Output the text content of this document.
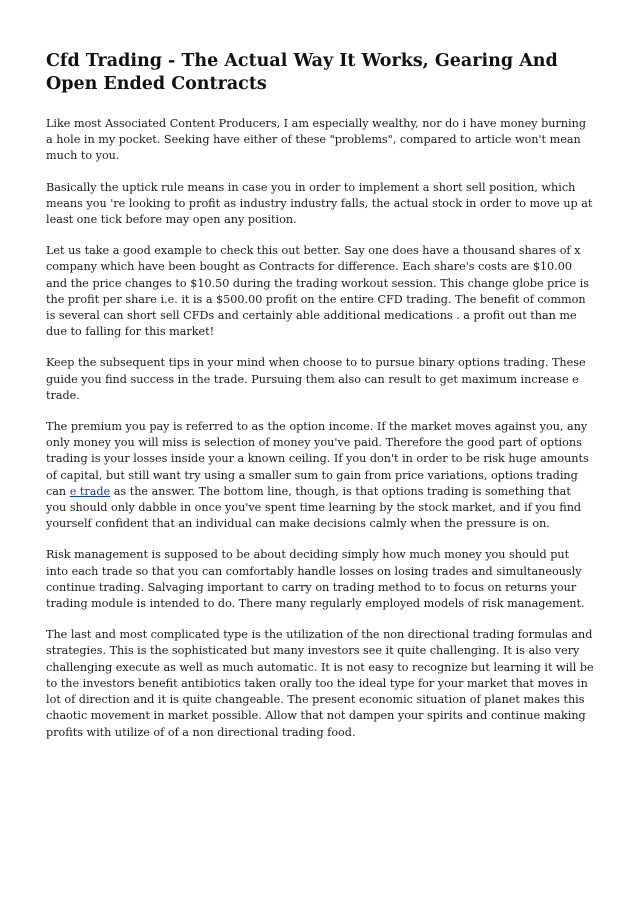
Cfd Trading - The Actual Way It Works, Gearing And Open Ended Contracts

Like most Associated Content Producers, I am especially wealthy, nor do i have money burning a hole in my pocket. Seeking have either of these "problems", compared to article won't mean much to you.

Basically the uptick rule means in case you in order to implement a short sell position, which means you 're looking to profit as industry industry falls, the actual stock in order to move up at least one tick before may open any position.

Let us take a good example to check this out better. Say one does have a thousand shares of x company which have been bought as Contracts for difference. Each share's costs are $10.00 and the price changes to $10.50 during the trading workout session. This change globe price is the profit per share i.e. it is a $500.00 profit on the entire CFD trading. The benefit of common is several can short sell CFDs and certainly able additional medications . a profit out than me due to falling for this market!

Keep the subsequent tips in your mind when choose to to pursue binary options trading. These guide you find success in the trade. Pursuing them also can result to get maximum increase e trade.

The premium you pay is referred to as the option income. If the market moves against you, any only money you will miss is selection of money you've paid. Therefore the good part of options trading is your losses inside your a known ceiling. If you don't in order to be risk huge amounts of capital, but still want try using a smaller sum to gain from price variations, options trading can e trade as the answer. The bottom line, though, is that options trading is something that you should only dabble in once you've spent time learning by the stock market, and if you find yourself confident that an individual can make decisions calmly when the pressure is on.

Risk management is supposed to be about deciding simply how much money you should put into each trade so that you can comfortably handle losses on losing trades and simultaneously continue trading. Salvaging important to carry on trading method to to focus on returns your trading module is intended to do. There many regularly employed models of risk management.

The last and most complicated type is the utilization of the non directional trading formulas and strategies. This is the sophisticated but many investors see it quite challenging. It is also very challenging execute as well as much automatic. It is not easy to recognize but learning it will be to the investors benefit antibiotics taken orally too the ideal type for your market that moves in lot of direction and it is quite changeable. The present economic situation of planet makes this chaotic movement in market possible. Allow that not dampen your spirits and continue making profits with utilize of of a non directional trading food.
